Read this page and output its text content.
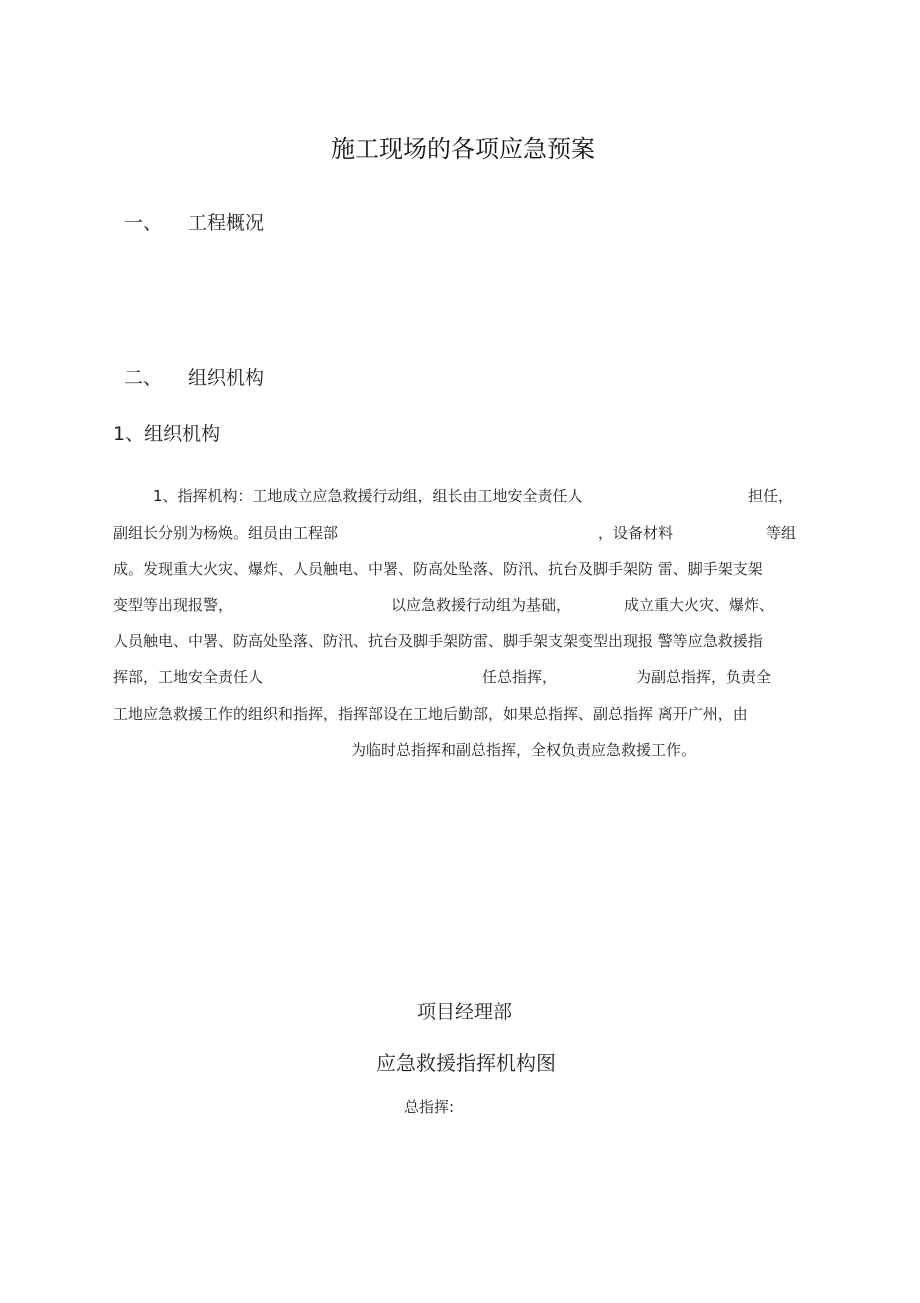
施工现场的各项应急预案
一、 工程概况
二、 组织机构
1、组织机构
1、指挥机构：工地成立应急救援行动组，组长由工地安全责任人	担任，
副组长分别为杨焕。组员由工程部	，设备材料	等组
成。发现重大火灾、爆炸、人员触电、中署、防高处坠落、防汛、抗台及脚手架防 雷、脚手架支架
变型等出现报警，	以应急救援行动组为基础，	成立重大火灾、爆炸、
人员触电、中署、防高处坠落、防汛、抗台及脚手架防雷、脚手架支架变型出现报 警等应急救援指
挥部，工地安全责任人	任总指挥，	为副总指挥，负责全
工地应急救援工作的组织和指挥，指挥部设在工地后勤部，如果总指挥、副总指挥 离开广州，由
为临时总指挥和副总指挥，全权负责应急救援工作。
项目经理部
应急救援指挥机构图
总指挥:
